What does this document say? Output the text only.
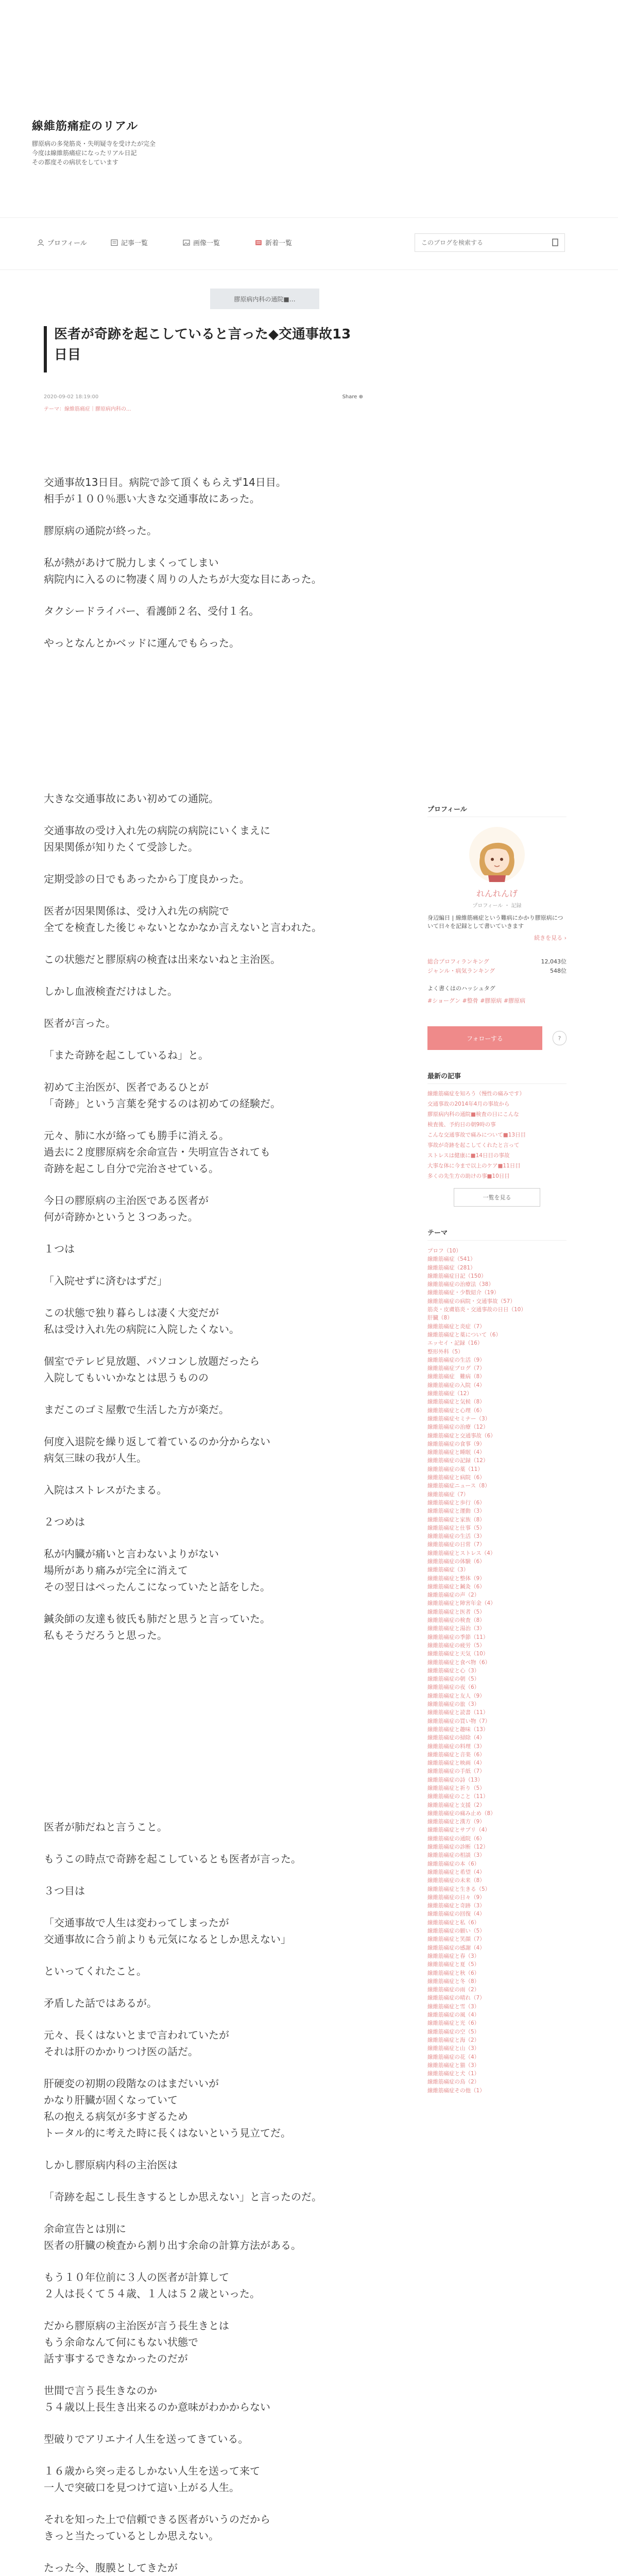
線維筋痛症のリアル
膠原病の多発筋炎・失明疑寺を受けたが完全
今度は線維筋痛症になったリアル日記
その都度その病状をしています
プロフィール	記事一覧	画像一覧	新着一覧
このブログを検索する
膠原病内科の通院■…
医者が奇跡を起こしていると言った◆交通事故13日目
2020-09-02 18:19:00	Share ⊕
テーマ：線維筋痛症｜膠原病内科の...
交通事故13日目。病院で診て頂くもらえず14日目。
相手が１００％悪い大きな交通事故にあった。
膠原病の通院が終った。
私が熱があけて脱力しまくってしまい
病院内に入るのに物凄く周りの人たちが大変な目にあった。
タクシードライバー、看護師２名、受付１名。
やっとなんとかベッドに運んでもらった。
大きな交通事故にあい初めての通院。
交通事故の受け入れ先の病院の病院にいくまえに
因果関係が知りたくて受診した。
定期受診の日でもあったから丁度良かった。
医者が因果関係は、受け入れ先の病院で
全てを検査した後じゃないとなかなか言えないと言われた。
この状態だと膠原病の検査は出来ないねと主治医。
しかし血液検査だけはした。
医者が言った。
「また奇跡を起こしているね」と。
初めて主治医が、医者であるひとが
「奇跡」という言葉を発するのは初めての経験だ。
元々、肺に水が絡っても勝手に消える。
過去に２度膠原病を余命宣告・失明宣告されても
奇跡を起こし自分で完治させている。
今日の膠原病の主治医である医者が
何が奇跡かというと３つあった。
１つは
「入院せずに済むはずだ」
この状態で独り暮らしは凄く大変だが
私は受け入れ先の病院に入院したくない。
個室でテレビ見放題、パソコンし放題だったら
入院してもいいかなとは思うものの
まだこのゴミ屋敷で生活した方が楽だ。
何度入退院を繰り返して着ているのか分からない
病気三昧の我が人生。
入院はストレスがたまる。
２つめは
私が内臓が痛いと言わないよりがない
場所があり痛みが完全に消えて
その翌日はぺったんこになっていたと話をした。
鍼灸師の友達も彼氏も肺だと思うと言っていた。
私もそうだろうと思った。
医者が肺だねと言うこと。
もうこの時点で奇跡を起こしているとも医者が言った。
３つ目は
「交通事故で人生は変わってしまったが
交通事故に合う前よりも元気になるとしか思えない」
といってくれたこと。
矛盾した話ではあるが。
元々、長くはないとまで言われていたが
それは肝のかかりつけ医の話だ。
肝硬変の初期の段階なのはまだいいが
かなり肝臓が固くなっていて
私の抱える病気が多すぎるため
トータル的に考えた時に長くはないという見立てだ。
しかし膠原病内科の主治医は
「奇跡を起こし長生きするとしか思えない」と言ったのだ。
余命宣告とは別に
医者の肝臓の検査から割り出す余命の計算方法がある。
もう１０年位前に３人の医者が計算して
２人は長くて５４歳、１人は５２歳といった。
だから膠原病の主治医が言う長生きとは
もう余命なんて何にもない状態で
話す事するできなかったのだが
世間で言う長生きなのか
５４歳以上長生き出来るのか意味がわかからない
型破りでアリエナイ人生を送ってきている。
１６歳から突っ走るしかない人生を送って来て
一人で突破口を見つけて這い上がる人生。
それを知った上で信頼できる医者がいうのだから
きっと当たっているとしか思えない。
たった今、腹膜としてきたが
プロフィール
れんれんげ
プロフィール ・ 記録
身辺編日 | 線維筋痛症という難病にかかり膠原病について日々を記録として書いていきます
続きを見る ›
総合プロフィランキング	12,043位
ジャンル・病気ランキング	548位
よく書くはのハッシュタグ
#ショーグン #整骨 #膠原病 #膠原病
フォローする	?
最新の記事
線維筋痛症を知ろう（慢性の痛みです）
交通事故の2014年4月の事故から
膠原病内科の通院■検査の日にこんな
検査後、予約日の朝9時の事
こんな交通事故で痛みについて■13日目
事故が奇跡を起こしてくれたと言って
ストレスは健康に■14日目の事故
大事な体に今まで以上のケア■11日目
多くの先生方の助けの事■10日目
一覧を見る
テーマ
プロフ（10）
線維筋痛症（541）
線維筋痛症（281）
線維筋痛症日記（150）
線維筋痛症の治療法（38）
線維筋痛症・少数紹介（19）
線維筋痛症の病院・交通事故（57）
筋炎・皮膚筋炎・交通事故の日日（10）
肝臓（8）
線維筋痛症と炎症（7）
線維筋痛症と薬について（6）
エッセイ・記録（16）
整形外科（5）
線維筋痛症の生活（9）
線維筋痛症ブログ（7）
線維筋痛症　難病（8）
線維筋痛症の入院（4）
線維筋痛症（12）
線維筋痛症と気候（8）
線維筋痛症と心理（6）
線維筋痛症セミナー（3）
線維筋痛症の治療（12）
線維筋痛症と交通事故（6）
線維筋痛症の食事（9）
線維筋痛症と睡眠（4）
線維筋痛症の記録（12）
線維筋痛症の薬（11）
線維筋痛症と病院（6）
線維筋痛症ニュース（8）
線維筋痛症（7）
線維筋痛症と歩行（6）
線維筋痛症と運動（3）
線維筋痛症と家族（8）
線維筋痛症と仕事（5）
線維筋痛症の生活（3）
線維筋痛症の日常（7）
線維筋痛症とストレス（4）
線維筋痛症の体験（6）
線維筋痛症（3）
線維筋痛症と整体（9）
線維筋痛症と鍼灸（6）
線維筋痛症の声（2）
線維筋痛症と障害年金（4）
線維筋痛症と医者（5）
線維筋痛症の検査（8）
線維筋痛症と湯治（3）
線維筋痛症の季節（11）
線維筋痛症の疲労（5）
線維筋痛症と天気（10）
線維筋痛症と食べ物（6）
線維筋痛症と心（3）
線維筋痛症の朝（5）
線維筋痛症の夜（6）
線維筋痛症と友人（9）
線維筋痛症の旅（3）
線維筋痛症と読書（11）
線維筋痛症の買い物（7）
線維筋痛症と趣味（13）
線維筋痛症の掃除（4）
線維筋痛症の料理（3）
線維筋痛症と音楽（6）
線維筋痛症と映画（4）
線維筋痛症の手紙（7）
線維筋痛症の詩（13）
線維筋痛症と祈り（5）
線維筋痛症のこと（11）
線維筋痛症と支援（2）
線維筋痛症の痛み止め（8）
線維筋痛症と漢方（9）
線維筋痛症とサプリ（4）
線維筋痛症の通院（6）
線維筋痛症の診断（12）
線維筋痛症の相談（3）
線維筋痛症の本（6）
線維筋痛症と希望（4）
線維筋痛症の未来（8）
線維筋痛症と生きる（5）
線維筋痛症の日々（9）
線維筋痛症と奇跡（3）
線維筋痛症の回復（4）
線維筋痛症と私（6）
線維筋痛症の願い（5）
線維筋痛症と笑顔（7）
線維筋痛症の感謝（4）
線維筋痛症と春（3）
線維筋痛症と夏（5）
線維筋痛症と秋（6）
線維筋痛症と冬（8）
線維筋痛症の雨（2）
線維筋痛症の晴れ（7）
線維筋痛症と雪（3）
線維筋痛症の風（4）
線維筋痛症と光（6）
線維筋痛症の空（5）
線維筋痛症と海（2）
線維筋痛症と山（3）
線維筋痛症の花（4）
線維筋痛症と猫（3）
線維筋痛症と犬（1）
線維筋痛症の鳥（2）
線維筋痛症その他（1）
